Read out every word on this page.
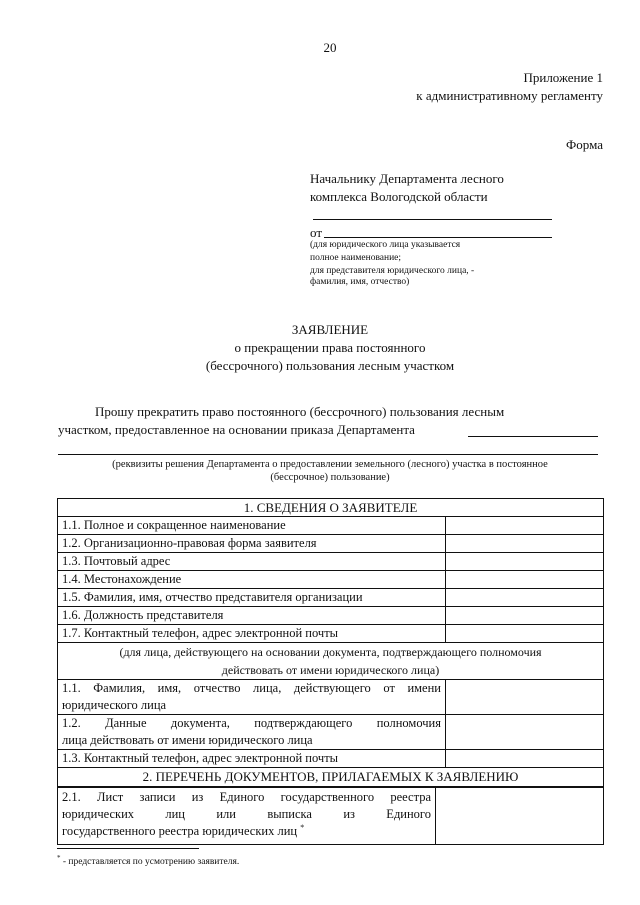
20
Приложение 1
к административному регламенту
Форма
Начальнику Департамента лесного
комплекса Вологодской области
от
(для юридического лица указывается
полное наименование;
для представителя юридического лица, -
фамилия, имя, отчество)
ЗАЯВЛЕНИЕ
о прекращении права постоянного
(бессрочного) пользования лесным участком
Прошу прекратить право постоянного (бессрочного) пользования лесным
участком, предоставленное на основании приказа Департамента
(реквизиты решения Департамента о предоставлении земельного (лесного) участка в постоянное
(бессрочное) пользование)
1. СВЕДЕНИЯ О ЗАЯВИТЕЛЕ	
1.1. Полное и сокращенное наименование	
1.2. Организационно-правовая форма заявителя	
1.3. Почтовый адрес	
1.4. Местонахождение	
1.5. Фамилия, имя, отчество представителя организации	
1.6. Должность представителя	
1.7. Контактный телефон, адрес электронной почты	

(для лица, действующего на основании документа, подтверждающего полномочия
действовать от имени юридического лица)	

1.1. Фамилия, имя, отчество лица, действующего от имени
юридического лица	

1.2. Данные документа, подтверждающего полномочия
лица действовать от имени юридического лица	

1.3. Контактный телефон, адрес электронной почты	
2. ПЕРЕЧЕНЬ ДОКУМЕНТОВ, ПРИЛАГАЕМЫХ К ЗАЯВЛЕНИЮ	
2.1. Лист записи из Единого государственного реестра
юридических лиц или выписка из Единого
государственного реестра юридических лиц *

* - представляется по усмотрению заявителя.
